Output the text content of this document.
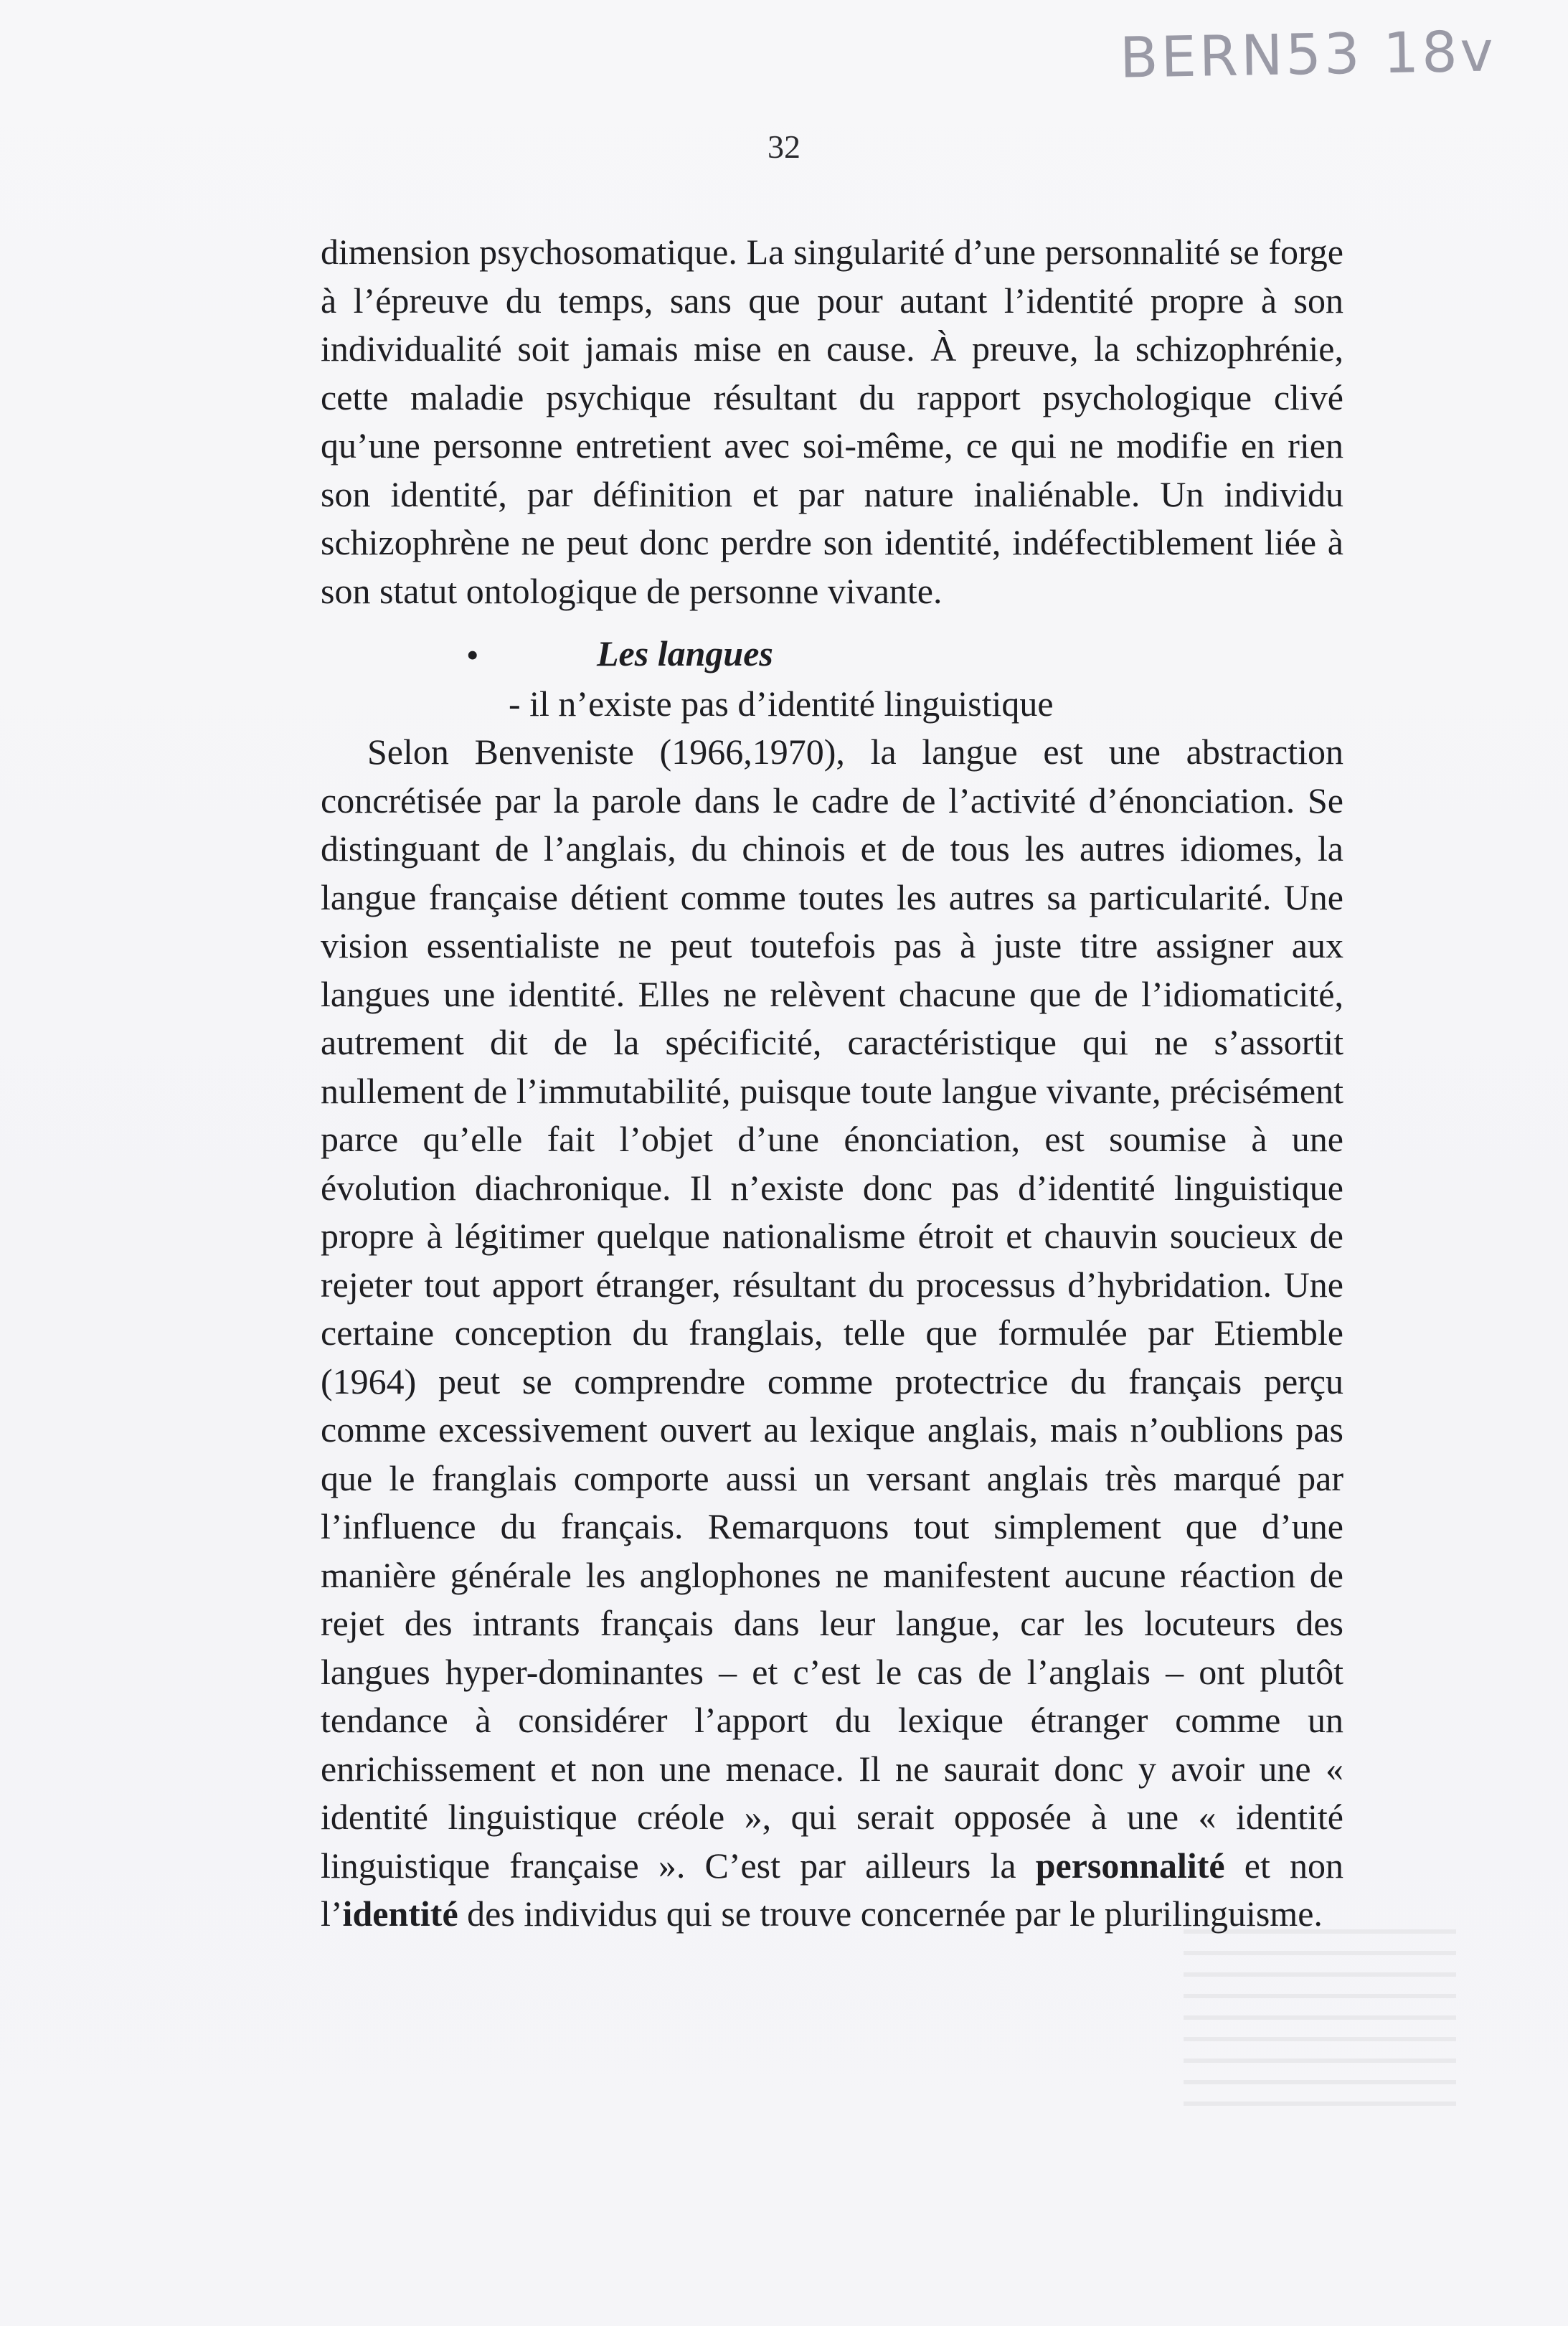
BERN53 18v
32

dimension psychosomatique. La singularité d’une personnalité se forge à l’épreuve du temps, sans que pour autant l’identité propre à son individualité soit jamais mise en cause. À preuve, la schizophrénie, cette maladie psychique résultant du rapport psychologique clivé qu’une personne entretient avec soi-même, ce qui ne modifie en rien son identité, par définition et par nature inaliénable. Un individu schizophrène ne peut donc perdre son identité, indéfectiblement liée à son statut ontologique de personne vivante.

•	Les langues
- il n’existe pas d’identité linguistique

Selon Benveniste (1966,1970), la langue est une abstraction concrétisée par la parole dans le cadre de l’activité d’énonciation. Se distinguant de l’anglais, du chinois et de tous les autres idiomes, la langue française détient comme toutes les autres sa particularité. Une vision essentialiste ne peut toutefois pas à juste titre assigner aux langues une identité. Elles ne relèvent chacune que de l’idiomaticité, autrement dit de la spécificité, caractéristique qui ne s’assortit nullement de l’immutabilité, puisque toute langue vivante, précisément parce qu’elle fait l’objet d’une énonciation, est soumise à une évolution diachronique. Il n’existe donc pas d’identité linguistique propre à légitimer quelque nationalisme étroit et chauvin soucieux de rejeter tout apport étranger, résultant du processus d’hybridation. Une certaine conception du franglais, telle que formulée par Etiemble (1964) peut se comprendre comme protectrice du français perçu comme excessivement ouvert au lexique anglais, mais n’oublions pas que le franglais comporte aussi un versant anglais très marqué par l’influence du français. Remarquons tout simplement que d’une manière générale les anglophones ne manifestent aucune réaction de rejet des intrants français dans leur langue, car les locuteurs des langues hyper-dominantes – et c’est le cas de l’anglais – ont plutôt tendance à considérer l’apport du lexique étranger comme un enrichissement et non une menace. Il ne saurait donc y avoir une « identité linguistique créole », qui serait opposée à une « identité linguistique française ». C’est par ailleurs la personnalité et non l’identité des individus qui se trouve concernée par le plurilinguisme.
